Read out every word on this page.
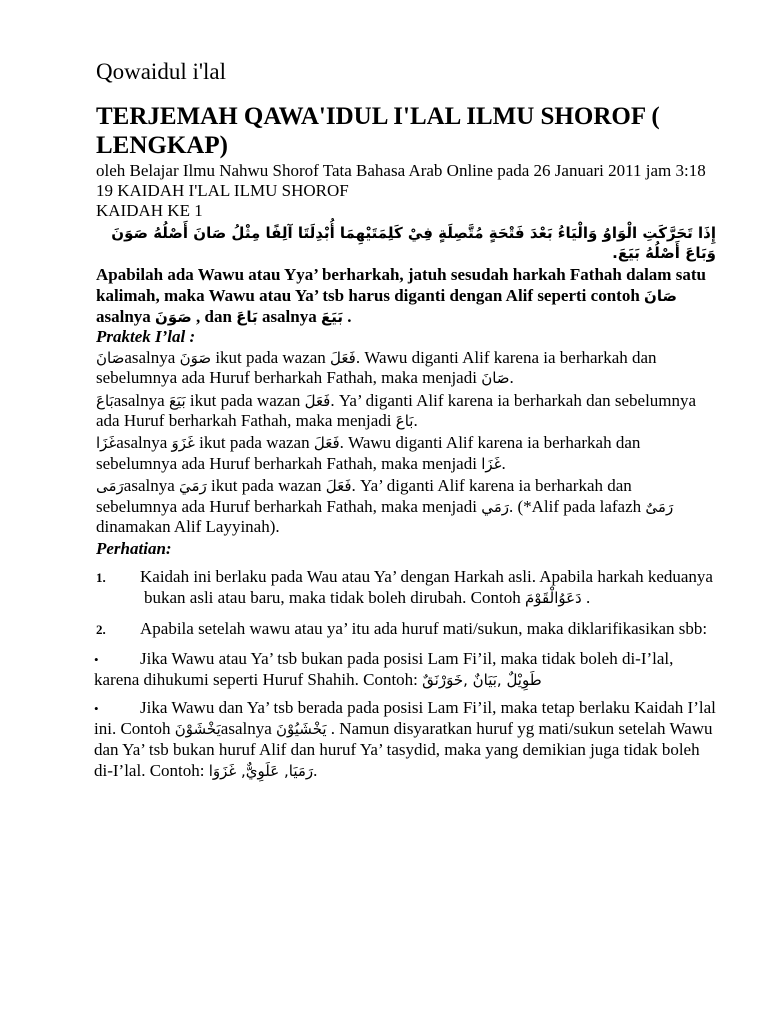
Qowaidul i'lal
TERJEMAH QAWA'IDUL I'LAL ILMU SHOROF ( LENGKAP)
oleh Belajar Ilmu Nahwu Shorof Tata Bahasa Arab Online pada 26 Januari 2011 jam 3:18
19 KAIDAH I'LAL ILMU SHOROF
KAIDAH KE 1
إِذَا تَحَرَّكَتِ الْوَاوُ وَالْيَاءُ بَعْدَ فَتْحَةٍ مُتَّصِلَةٍ فِيْ كَلِمَتَيْهِمَا أُبْدِلَتَا آلِفًا مِثْلُ صَانَ أَصْلُهُ صَوَنَ وَبَاعَ أَصْلُهُ بَيَعَ.

Apabilah ada Wawu atau Yya’ berharkah, jatuh sesudah harkah Fathah dalam satu kalimah, maka Wawu atau Ya’ tsb harus diganti dengan Alif seperti contoh صَانَ asalnya صَوَنَ , dan بَاعَ asalnya بَيَعَ .

Praktek I’lal :

صَانَasalnya صَوَنَ ikut pada wazan فَعَلَ. Wawu diganti Alif karena ia berharkah dan sebelumnya ada Huruf berharkah Fathah, maka menjadi صَانَ.

بَاعَasalnya بَيَعَ ikut pada wazan فَعَلَ. Ya’ diganti Alif karena ia berharkah dan sebelumnya ada Huruf berharkah Fathah, maka menjadi بَاعَ.

غَزَاasalnya غَزَوَ ikut pada wazan فَعَلَ. Wawu diganti Alif karena ia berharkah dan sebelumnya ada Huruf berharkah Fathah, maka menjadi غَزَا.

رَمَىasalnya رَمَيَ ikut pada wazan فَعَلَ. Ya’ diganti Alif karena ia berharkah dan sebelumnya ada Huruf berharkah Fathah, maka menjadi رَمَي. (*Alif pada lafazh رَمَىٌ dinamakan Alif Layyinah).

Perhatian:
1. Kaidah ini berlaku pada Wau atau Ya’ dengan Harkah asli. Apabila harkah keduanya bukan asli atau baru, maka tidak boleh dirubah. Contoh دَعَوُالْقَوْمَ .
2. Apabila setelah wawu atau ya’ itu ada huruf mati/sukun, maka diklarifikasikan sbb:
• Jika Wawu atau Ya’ tsb bukan pada posisi Lam Fi’il, maka tidak boleh di-I’lal, karena dihukumi seperti Huruf Shahih. Contoh: طَوِيْلٌ ,بَيَانٌ ,خَوَرْنَقٌ
• Jika Wawu dan Ya’ tsb berada pada posisi Lam Fi’il, maka tetap berlaku Kaidah I’lal ini. Contoh يَخْشَوْنَasalnya يَخْشَيُوْنَ . Namun disyaratkan huruf yg mati/sukun setelah Wawu dan Ya’ tsb bukan huruf Alif dan huruf Ya’ tasydid, maka yang demikian juga tidak boleh di-I’lal. Contoh: رَمَيَا, عَلَوِيٌّ, غَزَوَا.
